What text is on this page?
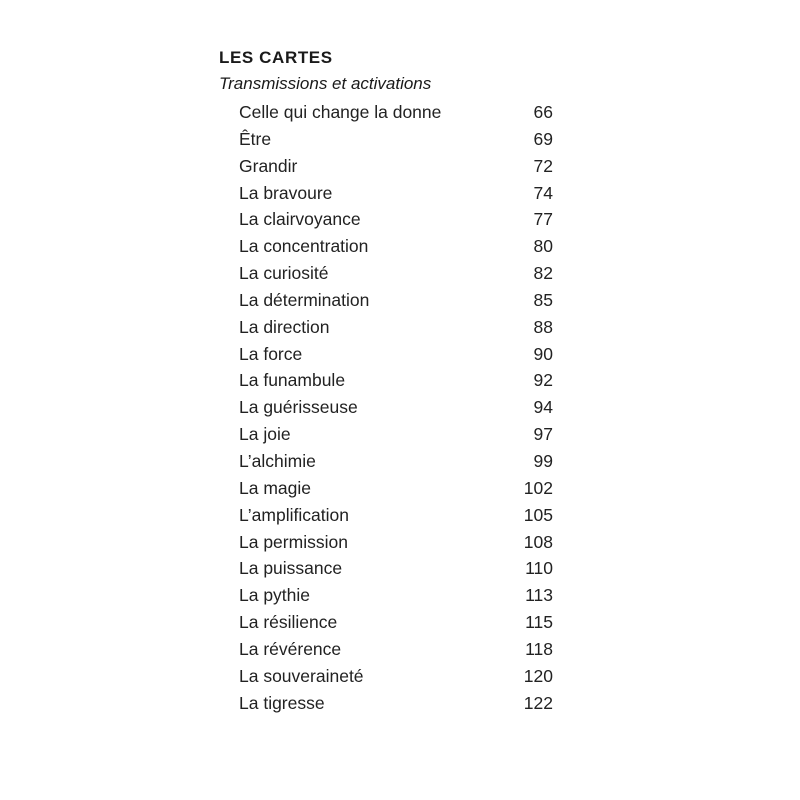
LES CARTES
Transmissions et activations
Celle qui change la donne	66
Être	69
Grandir	72
La bravoure	74
La clairvoyance	77
La concentration	80
La curiosité	82
La détermination	85
La direction	88
La force	90
La funambule	92
La guérisseuse	94
La joie	97
L’alchimie	99
La magie	102
L’amplification	105
La permission	108
La puissance	110
La pythie	113
La résilience	115
La révérence	118
La souveraineté	120
La tigresse	122
